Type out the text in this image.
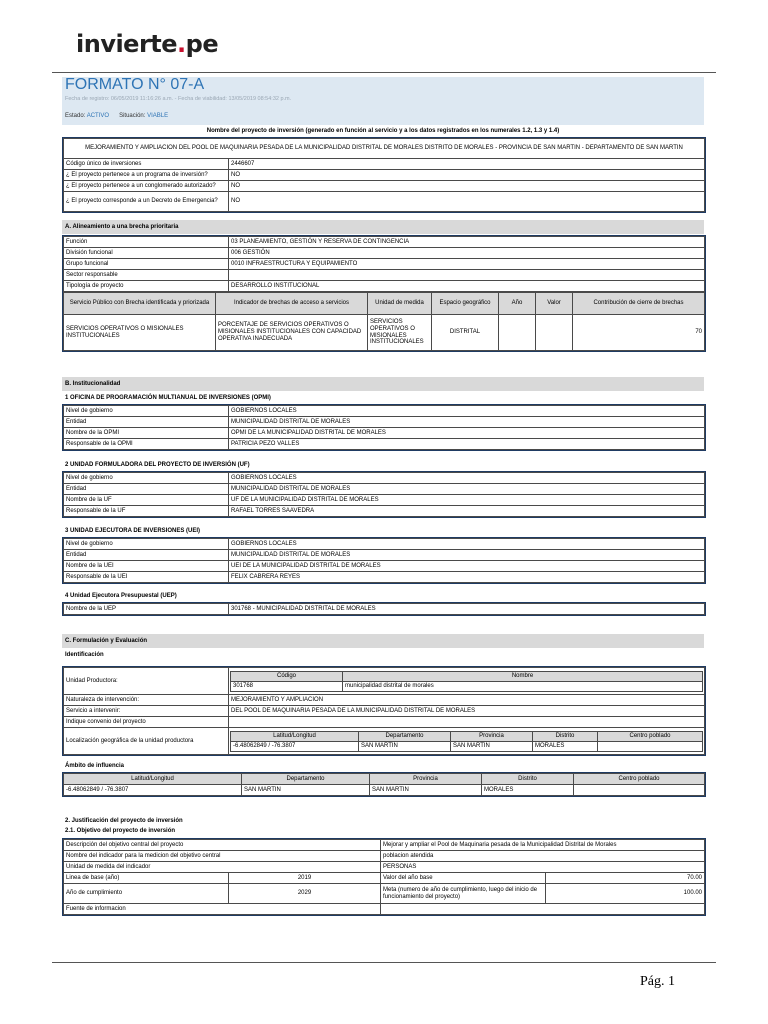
invierte.pe
FORMATO N° 07-A
Fecha de registro: 06/05/2019 11:16:26 a.m. - Fecha de viabilidad: 13/05/2019 08:54:32 p.m.
Estado: ACTIVO Situación: VIABLE
Nombre del proyecto de inversión (generado en función al servicio y a los datos registrados en los numerales 1.2, 1.3 y 1.4)
MEJORAMIENTO Y AMPLIACION DEL POOL DE MAQUINARIA PESADA DE LA MUNICIPALIDAD DISTRITAL DE MORALES DISTRITO DE MORALES - PROVINCIA DE SAN MARTIN - DEPARTAMENTO DE SAN MARTIN	
Código único de inversiones	2446607
¿ El proyecto pertenece a un programa de inversión?	NO
¿ El proyecto pertenece a un conglomerado autorizado?	NO
¿ El proyecto corresponde a un Decreto de Emergencia?	NO
A. Alineamiento a una brecha prioritaria
Función	03 PLANEAMIENTO, GESTIÓN Y RESERVA DE CONTINGENCIA
División funcional	006 GESTIÓN
Grupo funcional	0010 INFRAESTRUCTURA Y EQUIPAMIENTO
Sector responsable	
Tipología de proyecto	DESARROLLO INSTITUCIONAL
Servicio Público con Brecha identificada y priorizada	Indicador de brechas de acceso a servicios	Unidad de medida	Espacio geográfico	Año	Valor	Contribución de cierre de brechas
SERVICIOS OPERATIVOS O MISIONALES INSTITUCIONALES	PORCENTAJE DE SERVICIOS OPERATIVOS O MISIONALES INSTITUCIONALES CON CAPACIDAD OPERATIVA INADECUADA	SERVICIOS OPERATIVOS O MISIONALES INSTITUCIONALES	DISTRITAL			70
B. Institucionalidad
1 OFICINA DE PROGRAMACIÓN MULTIANUAL DE INVERSIONES (OPMI)
Nivel de gobierno	GOBIERNOS LOCALES
Entidad	MUNICIPALIDAD DISTRITAL DE MORALES
Nombre de la OPMI	OPMI DE LA MUNICIPALIDAD DISTRITAL DE MORALES
Responsable de la OPMI	PATRICIA PEZO VALLES
2 UNIDAD FORMULADORA DEL PROYECTO DE INVERSIÓN (UF)
Nivel de gobierno	GOBIERNOS LOCALES
Entidad	MUNICIPALIDAD DISTRITAL DE MORALES
Nombre de la UF	UF DE LA MUNICIPALIDAD DISTRITAL DE MORALES
Responsable de la UF	RAFAEL TORRES SAAVEDRA
3 UNIDAD EJECUTORA DE INVERSIONES (UEI)
Nivel de gobierno	GOBIERNOS LOCALES
Entidad	MUNICIPALIDAD DISTRITAL DE MORALES
Nombre de la UEI	UEI DE LA MUNICIPALIDAD DISTRITAL DE MORALES
Responsable de la UEI	FELIX CABRERA REYES
4 Unidad Ejecutora Presupuestal (UEP)
Nombre de la UEP	301768 - MUNICIPALIDAD DISTRITAL DE MORALES
C. Formulación y Evaluación
Identificación
Unidad Productora:	
Código	Nombre
301768	municipalidad distrital de morales

Naturaleza de intervención:	MEJORAMIENTO Y AMPLIACION
Servicio a intervenir:	DEL POOL DE MAQUINARIA PESADA DE LA MUNICIPALIDAD DISTRITAL DE MORALES
Indique convenio del proyecto	
Localización geográfica de la unidad productora	
Latitud/Longitud	Departamento	Provincia	Distrito	Centro poblado
-6.48062849 / -76.3807	SAN MARTIN	SAN MARTIN	MORALES	
Ámbito de influencia
Latitud/Longitud	Departamento	Provincia	Distrito	Centro poblado
-6.48062849 / -76.3807	SAN MARTIN	SAN MARTIN	MORALES	
2. Justificación del proyecto de inversión
2.1. Objetivo del proyecto de inversión
Descripción del objetivo central del proyecto		Mejorar y ampliar el Pool de Maquinaria pesada de la Municipalidad Distrital de Morales	
Nombre del indicador para la medicion del objetivo central		poblacion atendida	
Unidad de medida del indicador		PERSONAS	
Linea de base (año)	2019	Valor del año base	70.00
Año de cumplimiento	2029	Meta (numero de año de cumplimiento, luego del inicio de funcionamiento del proyecto)	100.00
Fuente de informacion			
Pág. 1
